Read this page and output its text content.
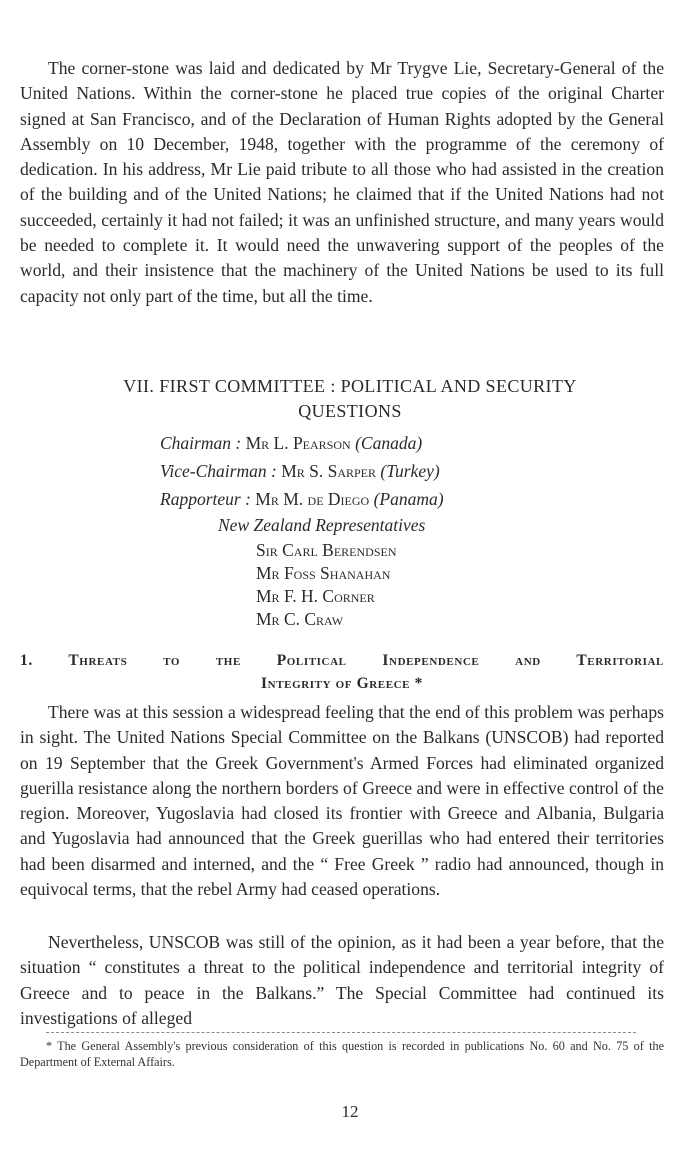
The corner-stone was laid and dedicated by Mr Trygve Lie, Secretary-General of the United Nations. Within the corner-stone he placed true copies of the original Charter signed at San Francisco, and of the Declaration of Human Rights adopted by the General Assembly on 10 December, 1948, together with the programme of the ceremony of dedication. In his address, Mr Lie paid tribute to all those who had assisted in the creation of the building and of the United Nations; he claimed that if the United Nations had not succeeded, certainly it had not failed; it was an unfinished structure, and many years would be needed to complete it. It would need the unwavering support of the peoples of the world, and their insistence that the machinery of the United Nations be used to its full capacity not only part of the time, but all the time.

VII. FIRST COMMITTEE : POLITICAL AND SECURITY QUESTIONS
Chairman : Mr L. Pearson (Canada)
Vice-Chairman : Mr S. Sarper (Turkey)
Rapporteur : Mr M. de Diego (Panama)
New Zealand Representatives
Sir Carl Berendsen
Mr Foss Shanahan
Mr F. H. Corner
Mr C. Craw
1. Threats to the Political Independence and Territorial
Integrity of Greece *

There was at this session a widespread feeling that the end of this problem was perhaps in sight. The United Nations Special Committee on the Balkans (UNSCOB) had reported on 19 September that the Greek Government's Armed Forces had eliminated organized guerilla resistance along the northern borders of Greece and were in effective control of the region. Moreover, Yugoslavia had closed its frontier with Greece and Albania, Bulgaria and Yugoslavia had announced that the Greek guerillas who had entered their territories had been disarmed and interned, and the “ Free Greek ” radio had announced, though in equivocal terms, that the rebel Army had ceased operations.

Nevertheless, UNSCOB was still of the opinion, as it had been a year before, that the situation “ constitutes a threat to the political independence and territorial integrity of Greece and to peace in the Balkans.” The Special Committee had continued its investigations of alleged

* The General Assembly's previous consideration of this question is recorded in publications No. 60 and No. 75 of the Department of External Affairs.

12
